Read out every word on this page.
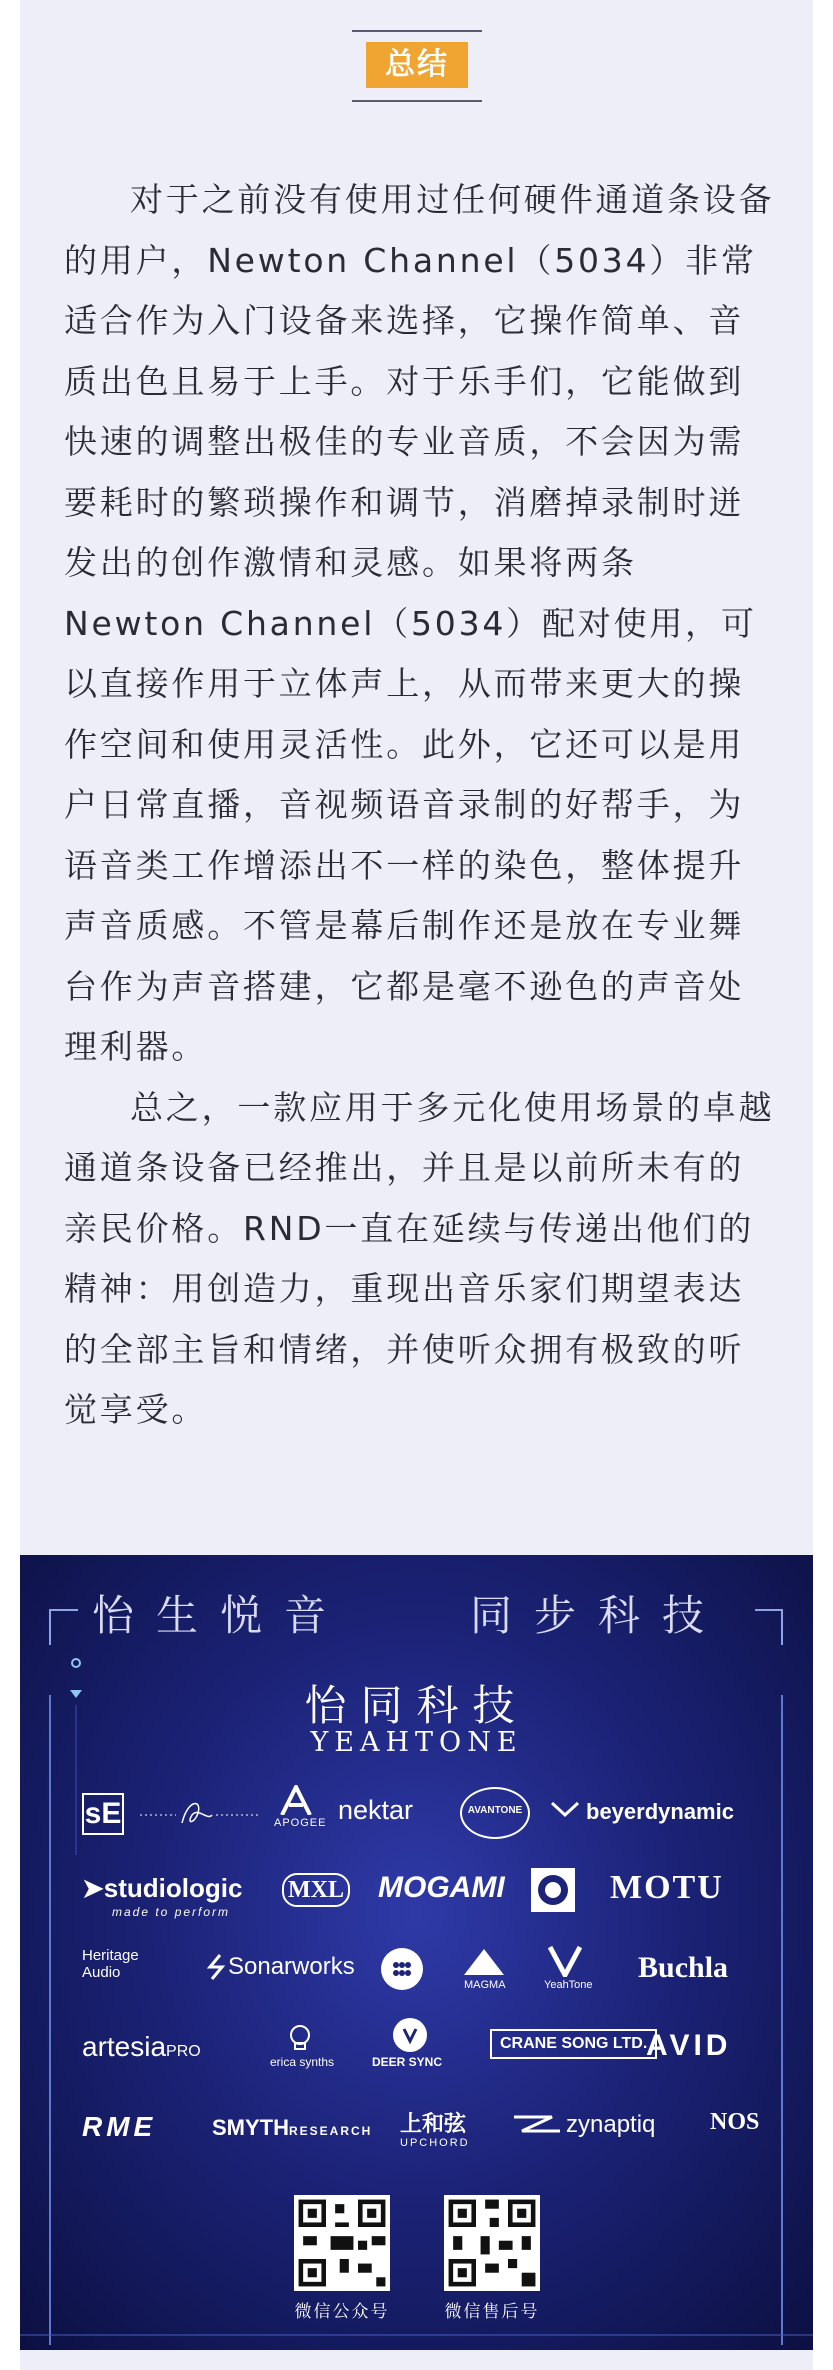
总结

对于之前没有使用过任何硬件通道条设备的用户，Newton Channel（5034）非常适合作为入门设备来选择，它操作简单、音质出色且易于上手。对于乐手们，它能做到快速的调整出极佳的专业音质，不会因为需要耗时的繁琐操作和调节，消磨掉录制时迸发出的创作激情和灵感。如果将两条Newton Channel（5034）配对使用，可以直接作用于立体声上，从而带来更大的操作空间和使用灵活性。此外，它还可以是用户日常直播，音视频语音录制的好帮手，为语音类工作增添出不一样的染色，整体提升声音质感。不管是幕后制作还是放在专业舞台作为声音搭建，它都是毫不逊色的声音处理利器。

总之，一款应用于多元化使用场景的卓越通道条设备已经推出，并且是以前所未有的亲民价格。RND一直在延续与传递出他们的精神：用创造力，重现出音乐家们期望表达的全部主旨和情绪，并使听众拥有极致的听觉享受。

怡生悦音	同步科技
怡同科技
YEAHTONE
sE	APOGEE nektar	AVANTONE	beyerdynamic
➤studiologic
made to perform
MXL MOGAMI	MOTU
Heritage Audio	Sonarworks
MAGMA	YeahTone
Buchla
artesiaPRO
erica synths	DEER SYNC
CRANE SONG LTD.
AVID
RME	SMYTHRESEARCH 上和弦
UPCHORD
zynaptiq NOS
微信公众号	微信售后号
